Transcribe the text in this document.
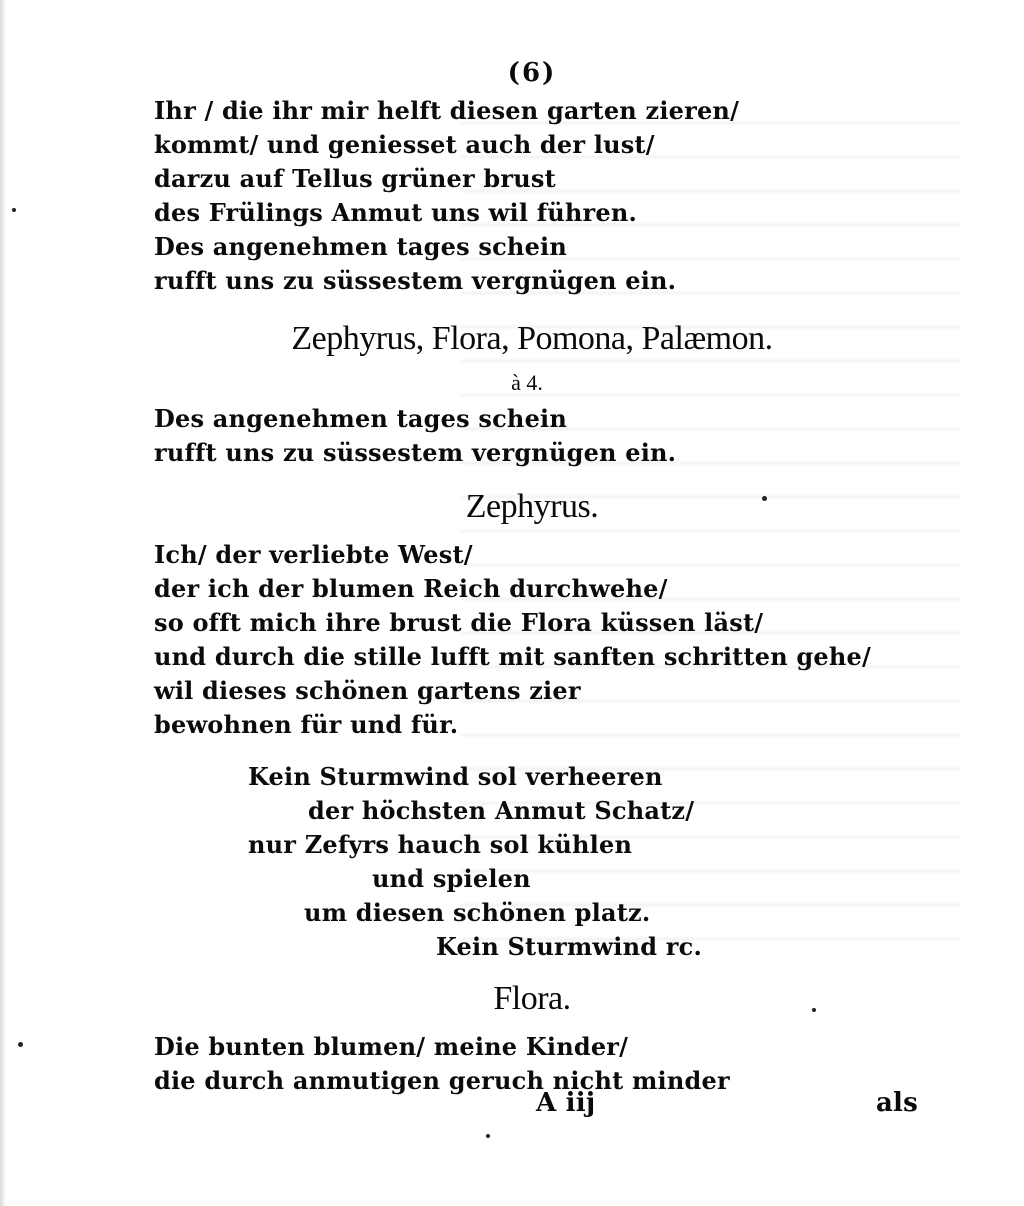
(6)
Ihr / die ihr mir helft diesen garten zieren/
kommt/ und geniesset auch der lust/
darzu auf Tellus grüner brust
des Frülings Anmut uns wil führen.
Des angenehmen tages schein
rufft uns zu süssestem vergnügen ein.
Zephyrus, Flora, Pomona, Palæmon.
à 4.
Des angenehmen tages schein
rufft uns zu süssestem vergnügen ein.
Zephyrus.
Ich/ der verliebte West/
der ich der blumen Reich durchwehe/
so offt mich ihre brust die Flora küssen läst/
und durch die stille lufft mit sanften schritten gehe/
wil dieses schönen gartens zier
bewohnen für und für.
Kein Sturmwind sol verheeren
der höchsten Anmut Schatz/
nur Zefyrs hauch sol kühlen
und spielen
um diesen schönen platz.
Kein Sturmwind rc.
Flora.
Die bunten blumen/ meine Kinder/
die durch anmutigen geruch nicht minder
A iij	als
